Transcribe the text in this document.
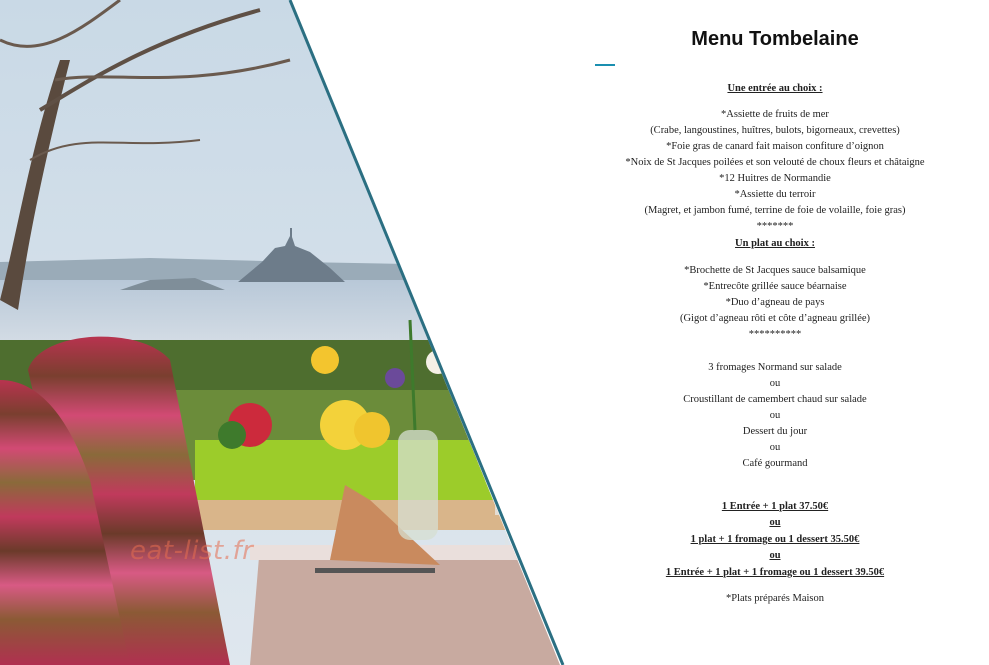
eat-list.fr
Menu Tombelaine
Une entrée au choix :
*Assiette de fruits de mer
(Crabe, langoustines, huîtres, bulots, bigorneaux, crevettes)
*Foie gras de canard fait maison confiture d’oignon
*Noix de St Jacques poilées et son velouté de choux fleurs et châtaigne
*12 Huitres de Normandie
*Assiette du terroir
(Magret, et jambon fumé, terrine de foie de volaille, foie gras)
*******
Un plat au choix :
*Brochette de St Jacques sauce balsamique
*Entrecôte grillée sauce béarnaise
*Duo d’agneau de pays
(Gigot d’agneau rôti et côte d’agneau grillée)
**********
3 fromages Normand sur salade
ou
Croustillant de camembert chaud sur salade
ou
Dessert du jour
ou
Café gourmand
1 Entrée + 1 plat 37.50€
ou
1 plat + 1 fromage ou 1 dessert 35.50€
ou
1 Entrée + 1 plat + 1 fromage ou 1 dessert 39.50€
*Plats préparés Maison
